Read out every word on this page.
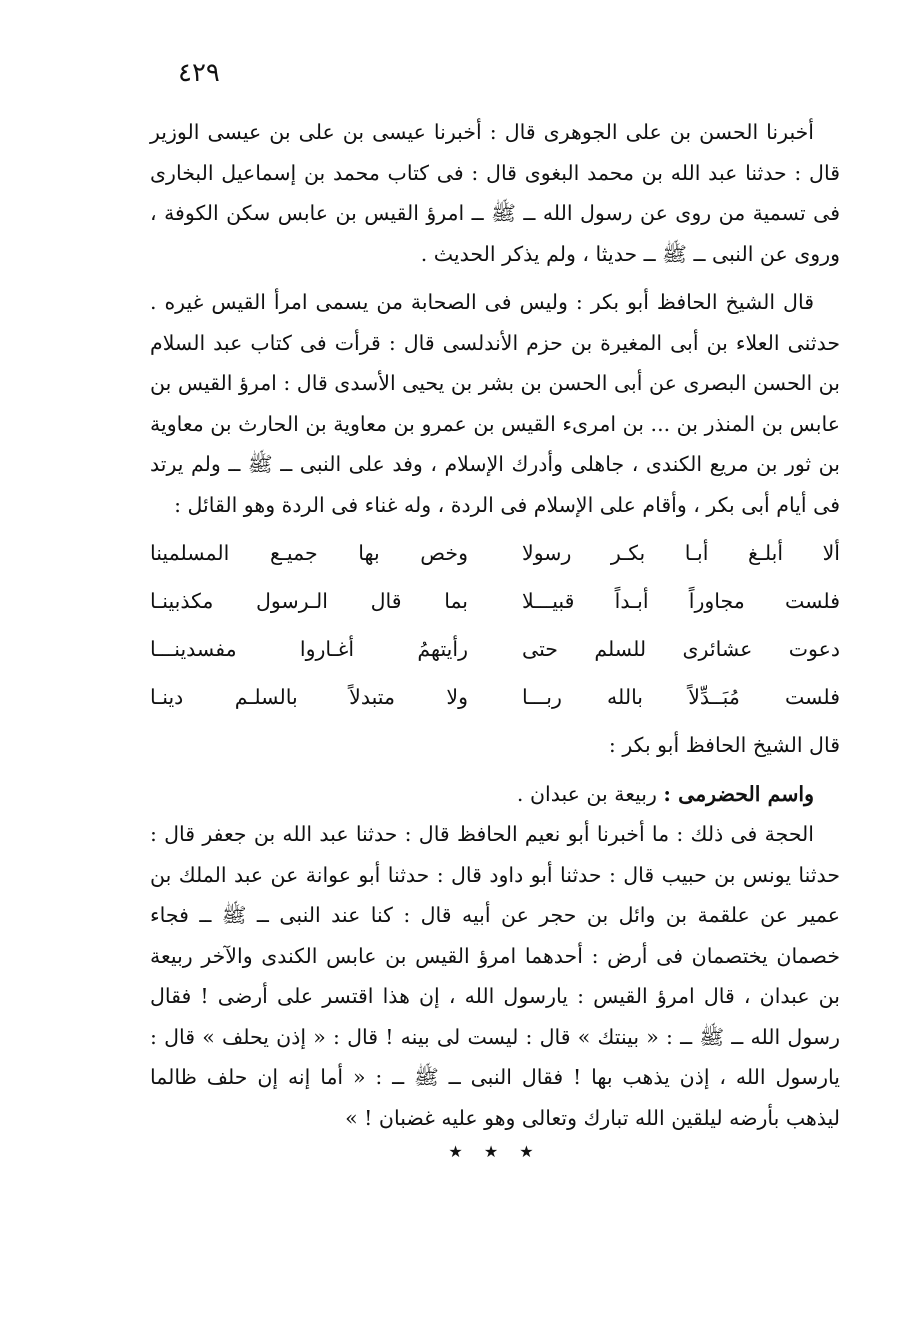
٤٢٩

أخبرنا الحسن بن على الجوهرى قال : أخبرنا عيسى بن على بن عيسى الوزير قال : حدثنا عبد الله بن محمد البغوى قال : فى كتاب محمد بن إسماعيل البخارى فى تسمية من روى عن رسول الله ــ ﷺ ــ امرؤ القيس بن عابس سكن الكوفة ، وروى عن النبى ــ ﷺ ــ حديثا ، ولم يذكر الحديث .

قال الشيخ الحافظ أبو بكر : وليس فى الصحابة من يسمى امرأ القيس غيره . حدثنى العلاء بن أبى المغيرة بن حزم الأندلسى قال : قرأت فى كتاب عبد السلام بن الحسن البصرى عن أبى الحسن بن بشر بن يحيى الأسدى قال : امرؤ القيس بن عابس بن المنذر بن ... بن امرىء القيس بن عمرو بن معاوية بن الحارث بن معاوية بن ثور بن مريع الكندى ، جاهلى وأدرك الإسلام ، وفد على النبى ــ ﷺ ــ ولم يرتد فى أيام أبى بكر ، وأقام على الإسلام فى الردة ، وله غناء فى الردة وهو القائل :

ألا أبلـغ أبـا بكـر رسولا
وخص بها جميـع المسلمينا
فلست مجاوراً أبـداً قبيـــلا
بما قال الـرسول مكذبينـا
دعوت عشائرى للسلم حتى
رأيتهمُ أغـاروا مفسدينـــا
فلست مُبَــدِّلاً بالله ربـــا
ولا متبدلاً بالسلـم دينـا

قال الشيخ الحافظ أبو بكر :

واسم الحضرمى : ربيعة بن عبدان .

الحجة فى ذلك : ما أخبرنا أبو نعيم الحافظ قال : حدثنا عبد الله بن جعفر قال : حدثنا يونس بن حبيب قال : حدثنا أبو داود قال : حدثنا أبو عوانة عن عبد الملك بن عمير عن علقمة بن وائل بن حجر عن أبيه قال : كنا عند النبى ــ ﷺ ــ فجاء خصمان يختصمان فى أرض : أحدهما امرؤ القيس بن عابس الكندى والآخر ربيعة بن عبدان ، قال امرؤ القيس : يارسول الله ، إن هذا اقتسر على أرضى ! فقال رسول الله ــ ﷺ ــ : « بينتك » قال : ليست لى بينه ! قال : « إذن يحلف » قال : يارسول الله ، إذن يذهب بها ! فقال النبى ــ ﷺ ــ : « أما إنه إن حلف ظالما ليذهب بأرضه ليلقين الله تبارك وتعالى وهو عليه غضبان ! »

★ ★ ★
